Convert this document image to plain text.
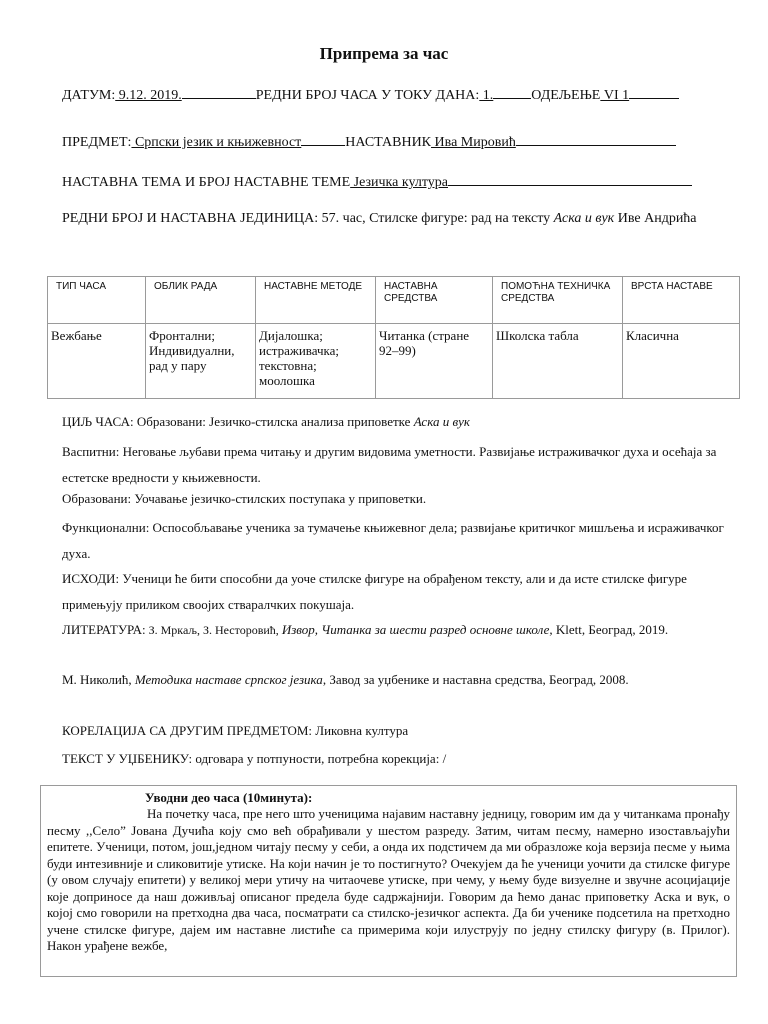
Припрема за час
ДАТУМ: 9.12. 2019.	РЕДНИ БРОЈ ЧАСА У ТОКУ ДАНА: 1.	ОДЕЉЕЊЕ VI 1
ПРЕДМЕТ: Српски језик и књижевност	НАСТАВНИК Ива Мировић
НАСТАВНА ТЕМА И БРОЈ НАСТАВНЕ ТЕМЕ Језичка култура
РЕДНИ БРОЈ И НАСТАВНА ЈЕДИНИЦА: 57. час, Стилске фигуре: рад на тексту Аска и вук Иве Андрића
ТИП ЧАСА	ОБЛИК РАДА	НАСТАВНЕ МЕТОДЕ	НАСТАВНА СРЕДСТВА	ПОМОЋНА ТЕХНИЧКА СРЕДСТВА	ВРСТА НАСТАВЕ
Вежбање	Фронтални; Индивидуални, рад у пару	Дијалошка; истраживачка; текстовна; моолошка	Читанка (стране 92‒99)	Школска табла	Класична
ЦИЉ ЧАСА: Образовани: Језичко-стилска анализа приповетке Аска и вук
Васпитни: Неговање љубави према читању и другим видовима уметности. Развијање истраживачког духа и осећаја за естетске вредности у књижевности.
Образовани: Уочавање језичко-стилских поступака у приповетки.
Функционални: Оспособљавање ученика за тумачење књижевног дела; развијање критичког мишљења и исраживачког духа.
ИСХОДИ: Ученици ће бити способни да уоче стилске фигуре на обрађеном тексту, али и да исте стилске фигуре примењују приликом своојих стваралчких покушаја.
ЛИТЕРАТУРА: З. Мркаљ, З. Несторовић, Извор, Читанка за шести разред основне школе, Klett, Београд, 2019.
М. Николић, Методика наставе српског језика, Завод за уџбенике и наставна средства, Београд, 2008.
КОРЕЛАЦИЈА СА ДРУГИМ ПРЕДМЕТОМ: Ликовна култура
ТЕКСТ У УЏБЕНИКУ: одговара у потпуности, потребна корекција: /
Уводни део часа (10минута):
На почетку часа, пре него што ученицима најавим наставну једницу, говорим им да у читанкама пронађу песму ,,Село” Јована Дучића коју смо већ обрађивали у шестом разреду. Затим, читам песму, намерно изостављајући епитете. Ученици, потом, још,једном читају песму у себи, а онда их подстичем да ми образложе која верзија песме у њима буди интезивније и сликовитије утиске. На који начин је то постигнуто? Очекујем да ће ученици уочити да стилске фигуре (у овом случају епитети) у великој мери утичу на читаочеве утиске, при чему, у њему буде визуелне и звучне асоцијације које доприносе да наш доживљај описаног предела буде садржајнији. Говорим да ћемо данас приповетку Аска и вук, о којој смо говорили на претходна два часа, посматрати са стилско-језичког аспекта. Да би ученике подсетила на претходно учене стилске фигуре, дајем им наставне листиће са примерима који илуструју по једну стилску фигуру (в. Прилог). Након урађене вежбе,
